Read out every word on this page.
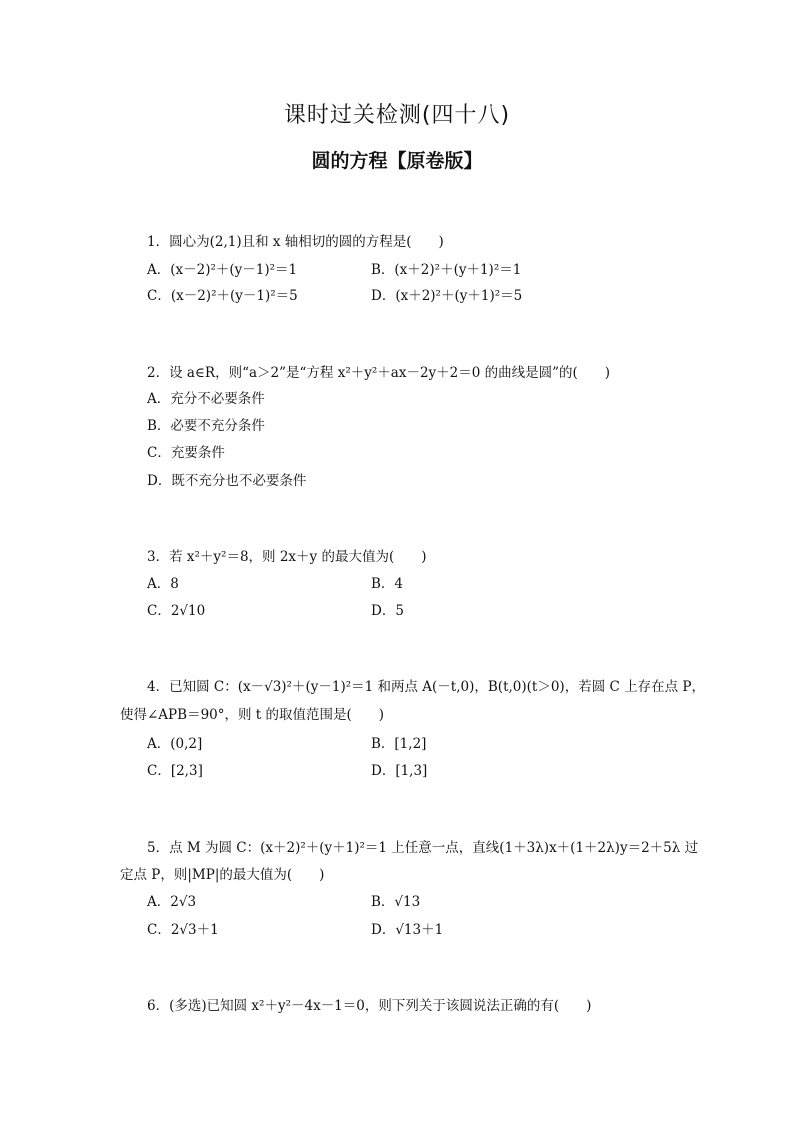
课时过关检测(四十八)
圆的方程【原卷版】
1．圆心为(2,1)且和 x 轴相切的圆的方程是(　　)
A．(x－2)²＋(y－1)²＝1	B．(x＋2)²＋(y＋1)²＝1
C．(x－2)²＋(y－1)²＝5	D．(x＋2)²＋(y＋1)²＝5
2．设 a∈R，则“a＞2”是“方程 x²＋y²＋ax－2y＋2＝0 的曲线是圆”的(　　)
A．充分不必要条件
B．必要不充分条件
C．充要条件
D．既不充分也不必要条件
3．若 x²＋y²＝8，则 2x＋y 的最大值为(　　)
A．8	B．4
C．2√10	D．5
4．已知圆 C：(x－√3)²＋(y－1)²＝1 和两点 A(－t,0)，B(t,0)(t＞0)，若圆 C 上存在点 P，
使得∠APB＝90°，则 t 的取值范围是(　　)
A．(0,2]	B．[1,2]
C．[2,3]	D．[1,3]
5．点 M 为圆 C：(x＋2)²＋(y＋1)²＝1 上任意一点，直线(1＋3λ)x＋(1＋2λ)y＝2＋5λ 过
定点 P，则|MP|的最大值为(　　)
A．2√3	B．√13
C．2√3＋1	D．√13＋1
6．(多选)已知圆 x²＋y²－4x－1＝0，则下列关于该圆说法正确的有(　　)
